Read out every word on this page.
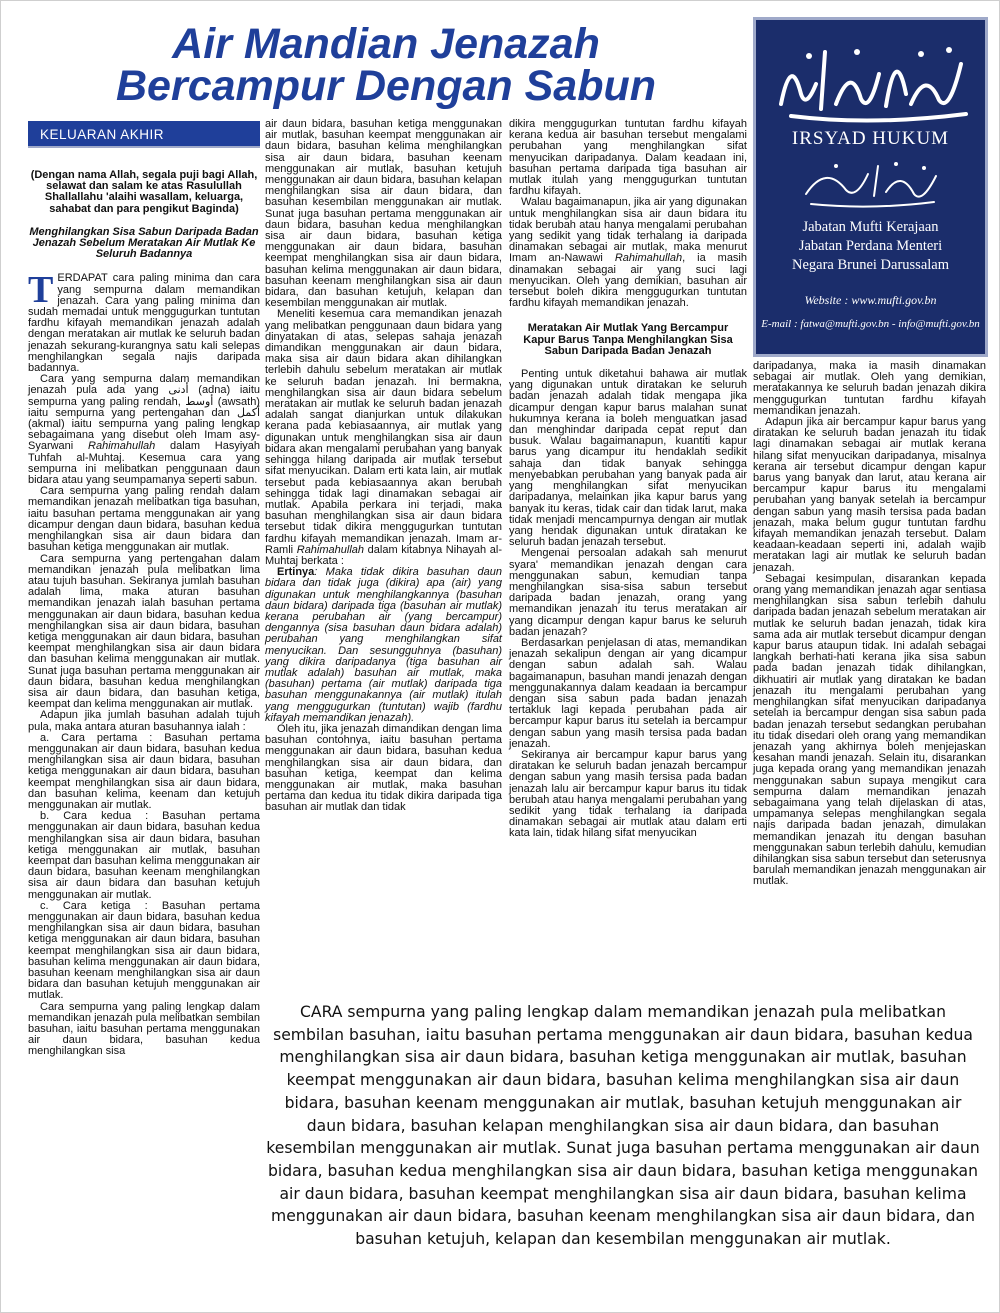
Air Mandian Jenazah
Bercampur Dengan Sabun
IRSYAD HUKUM
Jabatan Mufti Kerajaan
Jabatan Perdana Menteri
Negara Brunei Darussalam
Website : www.mufti.gov.bn
E-mail : fatwa@mufti.gov.bn - info@mufti.gov.bn
KELUARAN AKHIR

(Dengan nama Allah, segala puji bagi Allah, selawat dan salam ke atas Rasulullah Shallallahu 'alaihi wasallam, keluarga, sahabat dan para pengikut Baginda)

Menghilangkan Sisa Sabun Daripada Badan Jenazah Sebelum Meratakan Air Mutlak Ke Seluruh Badannya

TERDAPAT cara paling minima dan cara yang sempurna dalam memandikan jenazah. Cara yang paling minima dan sudah memadai untuk menggugurkan tuntutan fardhu kifayah memandikan jenazah adalah dengan meratakan air mutlak ke seluruh badan jenazah sekurang-kurangnya satu kali selepas menghilangkan segala najis daripada badannya.

Cara yang sempurna dalam memandikan jenazah pula ada yang أدنى (adna) iaitu sempurna yang paling rendah, أوسط (awsath) iaitu sempurna yang pertengahan dan أكمل (akmal) iaitu sempurna yang paling lengkap sebagaimana yang disebut oleh Imam asy-Syarwani Rahimahullah dalam Hasyiyah Tuhfah al-Muhtaj. Kesemua cara yang sempurna ini melibatkan penggunaan daun bidara atau yang seumpamanya seperti sabun.

Cara sempurna yang paling rendah dalam memandikan jenazah melibatkan tiga basuhan, iaitu basuhan pertama menggunakan air yang dicampur dengan daun bidara, basuhan kedua menghilangkan sisa air daun bidara dan basuhan ketiga menggunakan air mutlak.

Cara sempurna yang pertengahan dalam memandikan jenazah pula melibatkan lima atau tujuh basuhan. Sekiranya jumlah basuhan adalah lima, maka aturan basuhan memandikan jenazah ialah basuhan pertama menggunakan air daun bidara, basuhan kedua menghilangkan sisa air daun bidara, basuhan ketiga menggunakan air daun bidara, basuhan keempat menghilangkan sisa air daun bidara dan basuhan kelima menggunakan air mutlak. Sunat juga basuhan pertama menggunakan air daun bidara, basuhan kedua menghilangkan sisa air daun bidara, dan basuhan ketiga, keempat dan kelima menggunakan air mutlak.

Adapun jika jumlah basuhan adalah tujuh pula, maka antara aturan basuhannya ialah :

a. Cara pertama : Basuhan pertama menggunakan air daun bidara, basuhan kedua menghilangkan sisa air daun bidara, basuhan ketiga menggunakan air daun bidara, basuhan keempat menghilangkan sisa air daun bidara, dan basuhan kelima, keenam dan ketujuh menggunakan air mutlak.

b. Cara kedua : Basuhan pertama menggunakan air daun bidara, basuhan kedua menghilangkan sisa air daun bidara, basuhan ketiga menggunakan air mutlak, basuhan keempat dan basuhan kelima menggunakan air daun bidara, basuhan keenam menghilangkan sisa air daun bidara dan basuhan ketujuh menggunakan air mutlak.

c. Cara ketiga : Basuhan pertama menggunakan air daun bidara, basuhan kedua menghilangkan sisa air daun bidara, basuhan ketiga menggunakan air daun bidara, basuhan keempat menghilangkan sisa air daun bidara, basuhan kelima menggunakan air daun bidara, basuhan keenam menghilangkan sisa air daun bidara dan basuhan ketujuh menggunakan air mutlak.

Cara sempurna yang paling lengkap dalam memandikan jenazah pula melibatkan sembilan basuhan, iaitu basuhan pertama menggunakan air daun bidara, basuhan kedua menghilangkan sisa

air daun bidara, basuhan ketiga menggunakan air mutlak, basuhan keempat menggunakan air daun bidara, basuhan kelima menghilangkan sisa air daun bidara, basuhan keenam menggunakan air mutlak, basuhan ketujuh menggunakan air daun bidara, basuhan kelapan menghilangkan sisa air daun bidara, dan basuhan kesembilan menggunakan air mutlak. Sunat juga basuhan pertama menggunakan air daun bidara, basuhan kedua menghilangkan sisa air daun bidara, basuhan ketiga menggunakan air daun bidara, basuhan keempat menghilangkan sisa air daun bidara, basuhan kelima menggunakan air daun bidara, basuhan keenam menghilangkan sisa air daun bidara, dan basuhan ketujuh, kelapan dan kesembilan menggunakan air mutlak.

Meneliti kesemua cara memandikan jenazah yang melibatkan penggunaan daun bidara yang dinyatakan di atas, selepas sahaja jenazah dimandikan menggunakan air daun bidara, maka sisa air daun bidara akan dihilangkan terlebih dahulu sebelum meratakan air mutlak ke seluruh badan jenazah. Ini bermakna, menghilangkan sisa air daun bidara sebelum meratakan air mutlak ke seluruh badan jenazah adalah sangat dianjurkan untuk dilakukan kerana pada kebiasaannya, air mutlak yang digunakan untuk menghilangkan sisa air daun bidara akan mengalami perubahan yang banyak sehingga hilang daripada air mutlak tersebut sifat menyucikan. Dalam erti kata lain, air mutlak tersebut pada kebiasaannya akan berubah sehingga tidak lagi dinamakan sebagai air mutlak. Apabila perkara ini terjadi, maka basuhan menghilangkan sisa air daun bidara tersebut tidak dikira menggugurkan tuntutan fardhu kifayah memandikan jenazah. Imam ar-Ramli Rahimahullah dalam kitabnya Nihayah al-Muhtaj berkata :

Ertinya: Maka tidak dikira basuhan daun bidara dan tidak juga (dikira) apa (air) yang digunakan untuk menghilangkannya (basuhan daun bidara) daripada tiga (basuhan air mutlak) kerana perubahan air (yang bercampur) dengannya (sisa basuhan daun bidara adalah) perubahan yang menghilangkan sifat menyucikan. Dan sesungguhnya (basuhan) yang dikira daripadanya (tiga basuhan air mutlak adalah) basuhan air mutlak, maka (basuhan) pertama (air mutlak) daripada tiga basuhan menggunakannya (air mutlak) itulah yang menggugurkan (tuntutan) wajib (fardhu kifayah memandikan jenazah).

Oleh itu, jika jenazah dimandikan dengan lima basuhan contohnya, iaitu basuhan pertama menggunakan air daun bidara, basuhan kedua menghilangkan sisa air daun bidara, dan basuhan ketiga, keempat dan kelima menggunakan air mutlak, maka basuhan pertama dan kedua itu tidak dikira daripada tiga basuhan air mutlak dan tidak

dikira menggugurkan tuntutan fardhu kifayah kerana kedua air basuhan tersebut mengalami perubahan yang menghilangkan sifat menyucikan daripadanya. Dalam keadaan ini, basuhan pertama daripada tiga basuhan air mutlak itulah yang menggugurkan tuntutan fardhu kifayah.

Walau bagaimanapun, jika air yang digunakan untuk menghilangkan sisa air daun bidara itu tidak berubah atau hanya mengalami perubahan yang sedikit yang tidak terhalang ia daripada dinamakan sebagai air mutlak, maka menurut Imam an-Nawawi Rahimahullah, ia masih dinamakan sebagai air yang suci lagi menyucikan. Oleh yang demikian, basuhan air tersebut boleh dikira menggugurkan tuntutan fardhu kifayah memandikan jenazah.

Meratakan Air Mutlak Yang Bercampur Kapur Barus Tanpa Menghilangkan Sisa Sabun Daripada Badan Jenazah

Penting untuk diketahui bahawa air mutlak yang digunakan untuk diratakan ke seluruh badan jenazah adalah tidak mengapa jika dicampur dengan kapur barus malahan sunat hukumnya kerana ia boleh menguatkan jasad dan menghindar daripada cepat reput dan busuk. Walau bagaimanapun, kuantiti kapur barus yang dicampur itu hendaklah sedikit sahaja dan tidak banyak sehingga menyebabkan perubahan yang banyak pada air yang menghilangkan sifat menyucikan daripadanya, melainkan jika kapur barus yang banyak itu keras, tidak cair dan tidak larut, maka tidak menjadi mencampurnya dengan air mutlak yang hendak digunakan untuk diratakan ke seluruh badan jenazah tersebut.

Mengenai persoalan adakah sah menurut syara' memandikan jenazah dengan cara menggunakan sabun, kemudian tanpa menghilangkan sisa-sisa sabun tersebut daripada badan jenazah, orang yang memandikan jenazah itu terus meratakan air yang dicampur dengan kapur barus ke seluruh badan jenazah?

Berdasarkan penjelasan di atas, memandikan jenazah sekalipun dengan air yang dicampur dengan sabun adalah sah. Walau bagaimanapun, basuhan mandi jenazah dengan menggunakannya dalam keadaan ia bercampur dengan sisa sabun pada badan jenazah tertakluk lagi kepada perubahan pada air bercampur kapur barus itu setelah ia bercampur dengan sabun yang masih tersisa pada badan jenazah.

Sekiranya air bercampur kapur barus yang diratakan ke seluruh badan jenazah bercampur dengan sabun yang masih tersisa pada badan jenazah lalu air bercampur kapur barus itu tidak berubah atau hanya mengalami perubahan yang sedikit yang tidak terhalang ia daripada dinamakan sebagai air mutlak atau dalam erti kata lain, tidak hilang sifat menyucikan

daripadanya, maka ia masih dinamakan sebagai air mutlak. Oleh yang demikian, meratakannya ke seluruh badan jenazah dikira menggugurkan tuntutan fardhu kifayah memandikan jenazah.

Adapun jika air bercampur kapur barus yang diratakan ke seluruh badan jenazah itu tidak lagi dinamakan sebagai air mutlak kerana hilang sifat menyucikan daripadanya, misalnya kerana air tersebut dicampur dengan kapur barus yang banyak dan larut, atau kerana air bercampur kapur barus itu mengalami perubahan yang banyak setelah ia bercampur dengan sabun yang masih tersisa pada badan jenazah, maka belum gugur tuntutan fardhu kifayah memandikan jenazah tersebut. Dalam keadaan-keadaan seperti ini, adalah wajib meratakan lagi air mutlak ke seluruh badan jenazah.

Sebagai kesimpulan, disarankan kepada orang yang memandikan jenazah agar sentiasa menghilangkan sisa sabun terlebih dahulu daripada badan jenazah sebelum meratakan air mutlak ke seluruh badan jenazah, tidak kira sama ada air mutlak tersebut dicampur dengan kapur barus ataupun tidak. Ini adalah sebagai langkah berhati-hati kerana jika sisa sabun pada badan jenazah tidak dihilangkan, dikhuatiri air mutlak yang diratakan ke badan jenazah itu mengalami perubahan yang menghilangkan sifat menyucikan daripadanya setelah ia bercampur dengan sisa sabun pada badan jenazah tersebut sedangkan perubahan itu tidak disedari oleh orang yang memandikan jenazah yang akhirnya boleh menjejaskan kesahan mandi jenazah. Selain itu, disarankan juga kepada orang yang memandikan jenazah menggunakan sabun supaya mengikut cara sempurna dalam memandikan jenazah sebagaimana yang telah dijelaskan di atas, umpamanya selepas menghilangkan segala najis daripada badan jenazah, dimulakan memandikan jenazah itu dengan basuhan menggunakan sabun terlebih dahulu, kemudian dihilangkan sisa sabun tersebut dan seterusnya barulah memandikan jenazah menggunakan air mutlak.

CARA sempurna yang paling lengkap dalam memandikan jenazah pula melibatkan sembilan basuhan, iaitu basuhan pertama menggunakan air daun bidara, basuhan kedua menghilangkan sisa air daun bidara, basuhan ketiga menggunakan air mutlak, basuhan keempat menggunakan air daun bidara, basuhan kelima menghilangkan sisa air daun bidara, basuhan keenam menggunakan air mutlak, basuhan ketujuh menggunakan air daun bidara, basuhan kelapan menghilangkan sisa air daun bidara, dan basuhan kesembilan menggunakan air mutlak. Sunat juga basuhan pertama menggunakan air daun bidara, basuhan kedua menghilangkan sisa air daun bidara, basuhan ketiga menggunakan air daun bidara, basuhan keempat menghilangkan sisa air daun bidara, basuhan kelima menggunakan air daun bidara, basuhan keenam menghilangkan sisa air daun bidara, dan basuhan ketujuh, kelapan dan kesembilan menggunakan air mutlak.
